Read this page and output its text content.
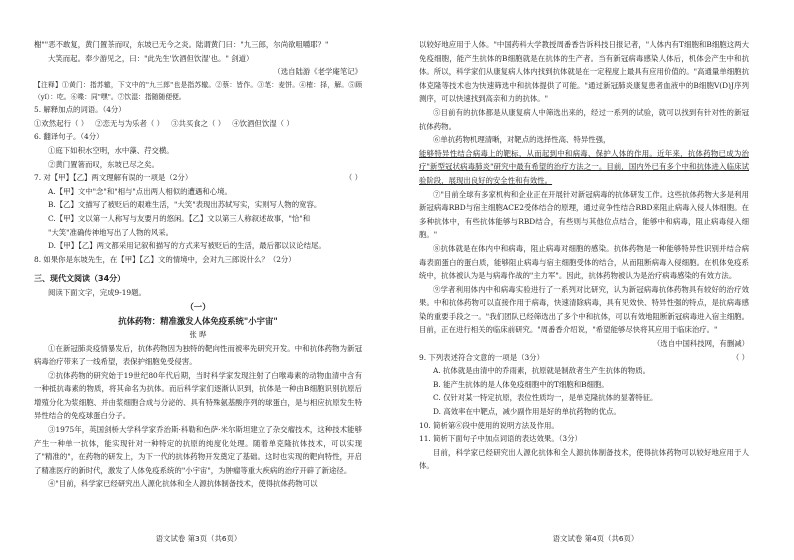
榭""恶不敢复，黄门置茶而叹，东坡已无今之炎。陆谓黄门曰："九三郎，尔尚欲咀嚼耶？"

大笑而起。奉少游见之，曰："此先生'饮酒但饮湿'也。" 剑道）

（选自陆游《老学庵笔记》

【注释】①黄门：指苏辙，下文中的"九三郎"也是指苏辙。②蔡：皆作。③芼：麦饼。④榷：择，解。⑤顾（yǐ）：吃。⑥喋：同"嘿"。⑦饮湿：指随随便便。

5. 解释加点的词语。（4分）

①欢然起行（ ） ②恋无与为乐者（ ） ③共买食之（ ） ④饮酒但饮湿（ ）

6. 翻译句子。（4分）

①庭下如积水空明，水中藻、荇交横。

②黄门置箸而叹，东坡已尽之矣。

7. 对【甲】【乙】两文理解有误的一项是（2分）	（ ）

A.【甲】文中"念"和"相与"点出两人相似的遭遇和心境。

B.【乙】文描写了被贬后的艰难生活，"大笑"表现出苏轼写实，实则写人物的宽容。

C.【甲】文以第一人称写与友要月的悠闲。【乙】文以第三人称叙述故事，"恰"和

"大笑"准确传神地写出了人物的风采。

D.【甲】【乙】两文都采用记叙和描写的方式来写被贬后的生活，最后都以议论结尾。

8. 如果你是东坡先生，在【甲】【乙】文的情境中，会对九三郎说什么？（2分）

三、现代文阅读（34分）

阅读下面文字，完成9-19题。

（一）

抗体药物：精准激发人体免疫系统"小宇宙"

张 晔

①在新冠肺炎疫情暴发后，抗体药物因为独特的靶向性而被率先研究开发。中和抗体药物为新冠病毒治疗带来了一线希望，表保护细胞免受侵害。

②抗体药物的研究始于19世纪80年代后期，当时科学家发现注射了白喉毒素的动物血清中含有一种抵抗毒素的物质，将其命名为抗体。而后科学家们逐渐认识到，抗体是一种由B细胞识别抗原后增殖分化为浆细胞、并由浆细胞合成与分泌的、具有特殊氨基酸序列的球蛋白，是与相应抗原发生特异性结合的免疫球蛋白分子。

③1975年，英国剑桥大学科学家乔治斯·科勒和色萨·米尔斯坦建立了杂交瘤技术，这种技术能够产生一种单一抗体，能实现针对一种特定的抗原的纯度化处理。随着单克隆抗体技术，可以实现了"精准的"，在药物的研发上，为下一代的抗体药物开发奠定了基础。这时也实现的靶向特性，开启了精准医疗的新时代，激发了人体免疫系统的"小宇宙"，为肿瘤等重大疾病的治疗开辟了新途径。

④"目前，科学家已经研究出人源化抗体和全人源抗体制备技术，使得抗体药物可以

语文试卷 第3页（共6页）

以较好地应用于人体。"中国药科大学教授周番香告诉科技日报记者，"人体内有T细胞和B细胞这两大免疫细胞，能产生抗体的B细胞就是在抗体的生产者。当有新冠病毒感染人体后，机体会产生中和抗体。所以，科学家们从康复病人体内找到抗体就是在一定程度上最具有应用价值的。"高通量单细胞抗体克隆等技术也为快速筛选中和抗体提供了可能。"通过新冠肺炎康复患者血液中的B细胞V(D)J序列测序，可以快速找到高亲和力的抗体。"

⑤目前有的抗体都是从康复病人中筛选出来的，经过一系列的试验，就可以找到有针对性的新冠抗体药物。

⑥单抗药物机理清晰，对靶点的选择性高、特异性强，

能够特异性结合病毒上的靶标，从而起到中和病毒、保护人体的作用。近年来，抗体药物已成为治疗"新型冠状病毒肺炎"研究中最有希望的治疗方法之一。目前，国内外已有多个中和抗体进入临床试验阶段，展现出良好的安全性和有效性。

⑦"目前全球有多家机构和企业正在开展针对新冠病毒的抗体研发工作。这些抗体药物大多是利用新冠病毒RBD与宿主细胞ACE2受体结合的原理，通过竞争性结合RBD来阻止病毒入侵人体细胞。在多种抗体中，有些抗体能够与RBD结合，有些则与其他位点结合，能够中和病毒，阻止病毒侵入细胞。"

⑧抗体就是在体内中和病毒，阻止病毒对细胞的感染。抗体药物是一种能够特异性识别并结合病毒表面蛋白的蛋白质，能够阻止病毒与宿主细胞受体的结合，从而阻断病毒入侵细胞。在机体免疫系统中，抗体被认为是与病毒作战的"主力军"。因此，抗体药物被认为是治疗病毒感染的有效方法。

⑨学者利用体内中和病毒实验进行了一系列对比研究，认为新冠病毒抗体药物具有较好的治疗效果。中和抗体药物可以直接作用于病毒，快速清除病毒，具有见效快、特异性强的特点，是抗病毒感染的重要手段之一。"我们团队已经筛选出了多个中和抗体，可以有效地阻断新冠病毒进入宿主细胞。目前，正在进行相关的临床前研究。"周番香介绍说，"希望能够尽快将其应用于临床治疗。"

（选自中国科技网，有删减）

9. 下列表述符合文意的一项是（3分）	（ ）

A. 抗体就是由清中的乔雨素，抗原就是制敌者生产生抗体的物质。

B. 能产生抗体的是人体免疫细胞中的T细胞和B细胞。

C. 仅针对某一特定抗原，表位性质均一，是单克隆抗体的显著特征。

D. 高效率在中靶点，减少副作用是好的单抗药物的优点。

10. 简析第⑥段中使用的说明方法及作用。

11. 简析下面句子中加点词语的表达效果。（3分）

目前，科学家已经研究出人源化抗体和全人源抗体制备技术，使得抗体药物可以较好地应用于人体。

语文试卷 第4页（共6页）
